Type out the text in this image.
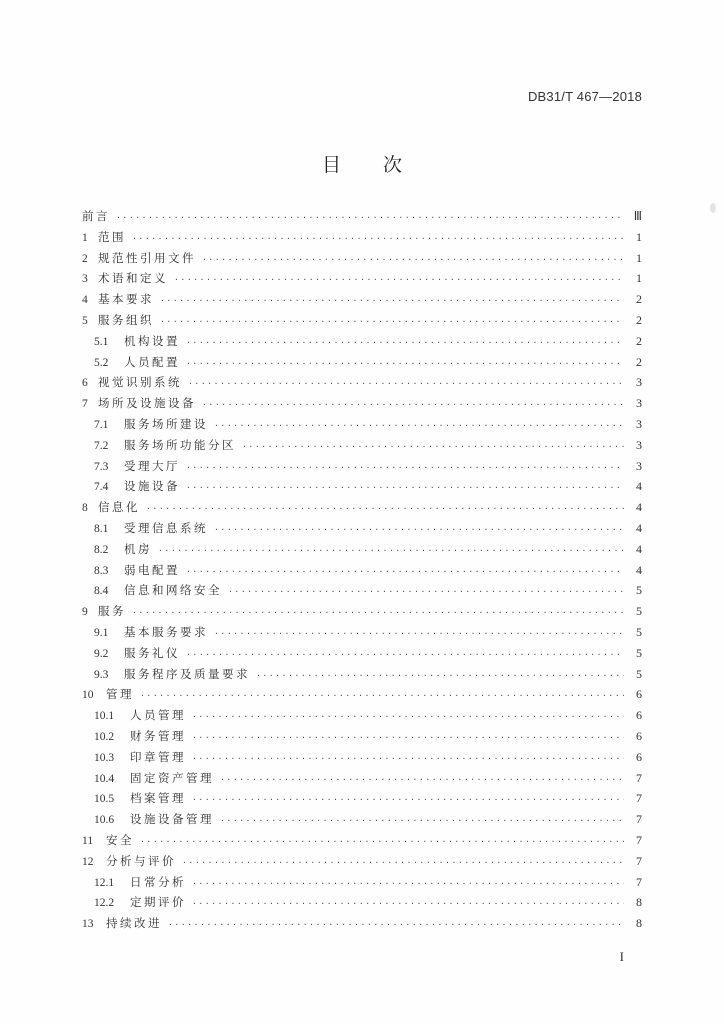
DB31/T 467—2018
目次
前言 ·····	Ⅲ
1 范围 ·····	1
2 规范性引用文件 ·····	1
3 术语和定义 ·····	1
4 基本要求 ·····	2
5 服务组织 ·····	2
5.1	机构设置 ·····	2
5.2	人员配置 ·····	2
6 视觉识别系统 ·····	3
7 场所及设施设备 ·····	3
7.1	服务场所建设 ·····	3
7.2	服务场所功能分区 ·····	3
7.3	受理大厅 ·····	3
7.4	设施设备 ·····	4
8 信息化 ·····	4
8.1	受理信息系统 ·····	4
8.2	机房 ·····	4
8.3	弱电配置 ·····	4
8.4	信息和网络安全 ·····	5
9 服务 ·····	5
9.1	基本服务要求 ·····	5
9.2	服务礼仪 ·····	5
9.3	服务程序及质量要求 ·····	5
10	管理 ·····	6
10.1	人员管理 ·····	6
10.2	财务管理 ·····	6
10.3	印章管理 ·····	6
10.4	固定资产管理 ·····	7
10.5	档案管理 ·····	7
10.6	设施设备管理 ·····	7
11	安全 ·····	7
12	分析与评价 ·····	7
12.1	日常分析 ·····	7
12.2	定期评价 ·····	8
13	持续改进 ·····	8
I
